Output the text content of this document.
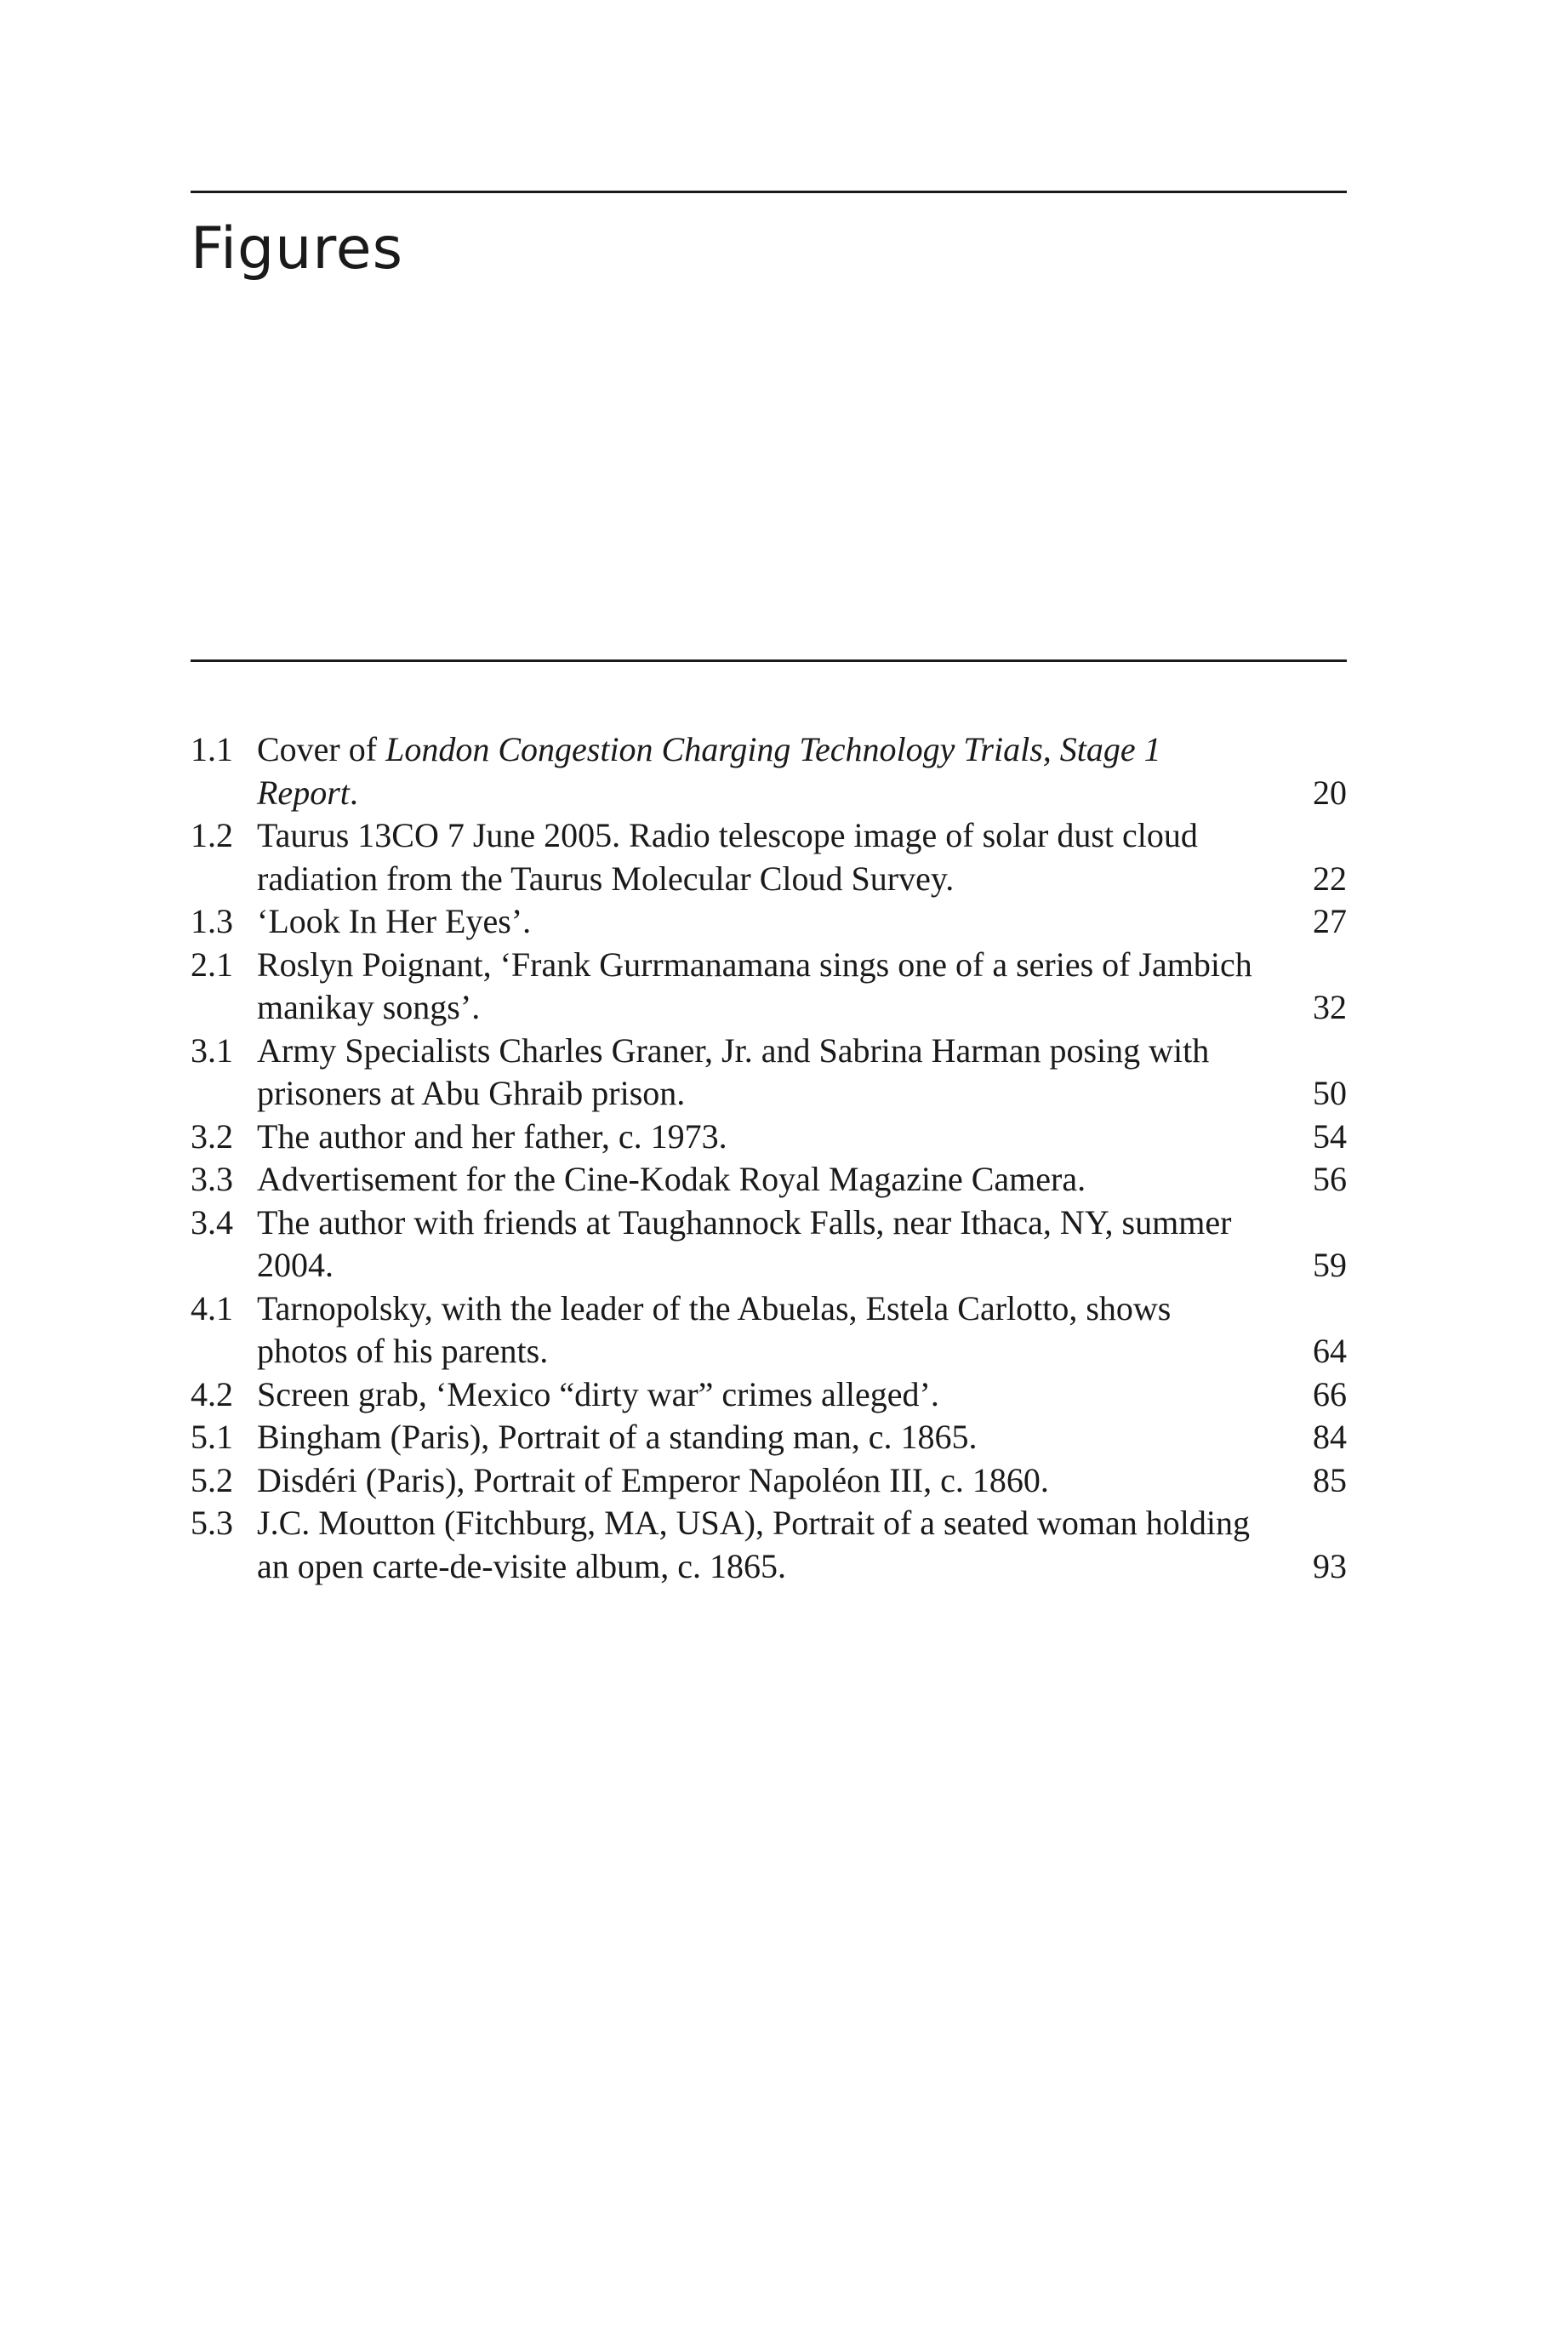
Figures
1.1 Cover of London Congestion Charging Technology Trials, Stage 1 Report.	20
1.2 Taurus 13CO 7 June 2005. Radio telescope image of solar dust cloud radiation from the Taurus Molecular Cloud Survey.	22
1.3 ‘Look In Her Eyes’.	27
2.1 Roslyn Poignant, ‘Frank Gurrmanamana sings one of a series of Jambich manikay songs’.	32
3.1 Army Specialists Charles Graner, Jr. and Sabrina Harman posing with prisoners at Abu Ghraib prison.	50
3.2 The author and her father, c. 1973.	54
3.3 Advertisement for the Cine-Kodak Royal Magazine Camera.	56
3.4 The author with friends at Taughannock Falls, near Ithaca, NY, summer 2004.	59
4.1 Tarnopolsky, with the leader of the Abuelas, Estela Carlotto, shows photos of his parents.	64
4.2 Screen grab, ‘Mexico “dirty war” crimes alleged’.	66
5.1 Bingham (Paris), Portrait of a standing man, c. 1865.	84
5.2 Disdéri (Paris), Portrait of Emperor Napoléon III, c. 1860.	85
5.3 J.C. Moutton (Fitchburg, MA, USA), Portrait of a seated woman holding an open carte-de-visite album, c. 1865.	93
